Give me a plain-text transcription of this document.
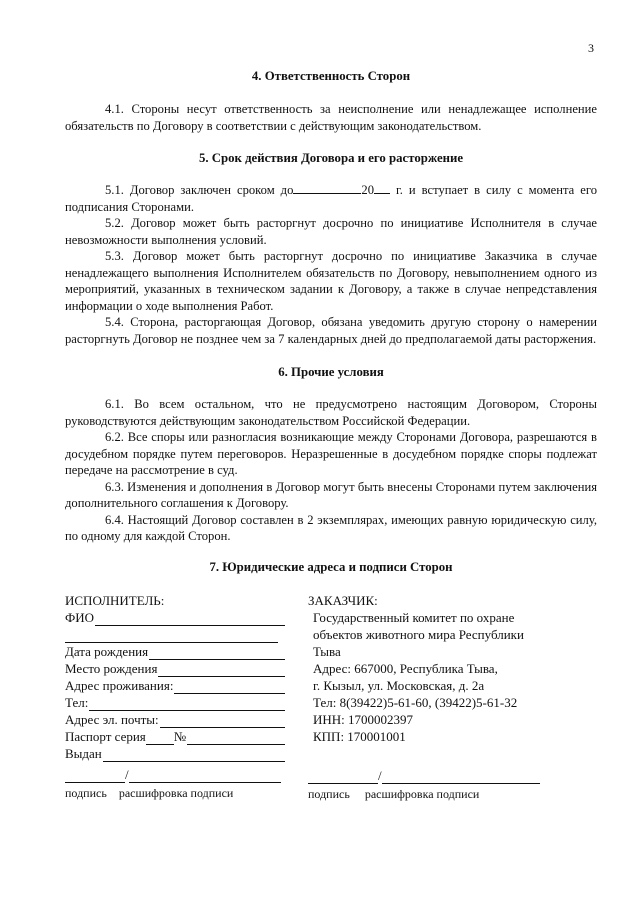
3
4. Ответственность Сторон

4.1. Стороны несут ответственность за неисполнение или ненадлежащее исполнение обязательств по Договору в соответствии с действующим законодательством.

5. Срок действия Договора и его расторжение

5.1. Договор заключен сроком до	20 г. и вступает в силу с момента его подписания Сторонами.

5.2. Договор может быть расторгнут досрочно по инициативе Исполнителя в случае невозможности выполнения условий.

5.3. Договор может быть расторгнут досрочно по инициативе Заказчика в случае ненадлежащего выполнения Исполнителем обязательств по Договору, невыполнением одного из мероприятий, указанных в техническом задании к Договору, а также в случае непредставления информации о ходе выполнения Работ.

5.4. Сторона, расторгающая Договор, обязана уведомить другую сторону о намерении расторгнуть Договор не позднее чем за 7 календарных дней до предполагаемой даты расторжения.

6. Прочие условия

6.1. Во всем остальном, что не предусмотрено настоящим Договором, Стороны руководствуются действующим законодательством Российской Федерации.

6.2. Все споры или разногласия возникающие между Сторонами Договора, разрешаются в досудебном порядке путем переговоров. Неразрешенные в досудебном порядке споры подлежат передаче на рассмотрение в суд.

6.3. Изменения и дополнения в Договор могут быть внесены Сторонами путем заключения дополнительного соглашения к Договору.

6.4. Настоящий Договор составлен в 2 экземплярах, имеющих равную юридическую силу, по одному для каждой Сторон.

7. Юридические адреса и подписи Сторон
ИСПОЛНИТЕЛЬ:
ФИО
Дата рождения
Место рождения
Адрес проживания:
Тел:
Адрес эл. почты:
Паспорт серия №
Выдан
/
подпись расшифровка подписи
ЗАКАЗЧИК:
Государственный комитет по охране
объектов животного мира Республики
Тыва
Адрес: 667000, Республика Тыва,
г. Кызыл, ул. Московская, д. 2а
Тел: 8(39422)5-61-60, (39422)5-61-32
ИНН: 1700002397
КПП: 170001001
/
подпись расшифровка подписи
